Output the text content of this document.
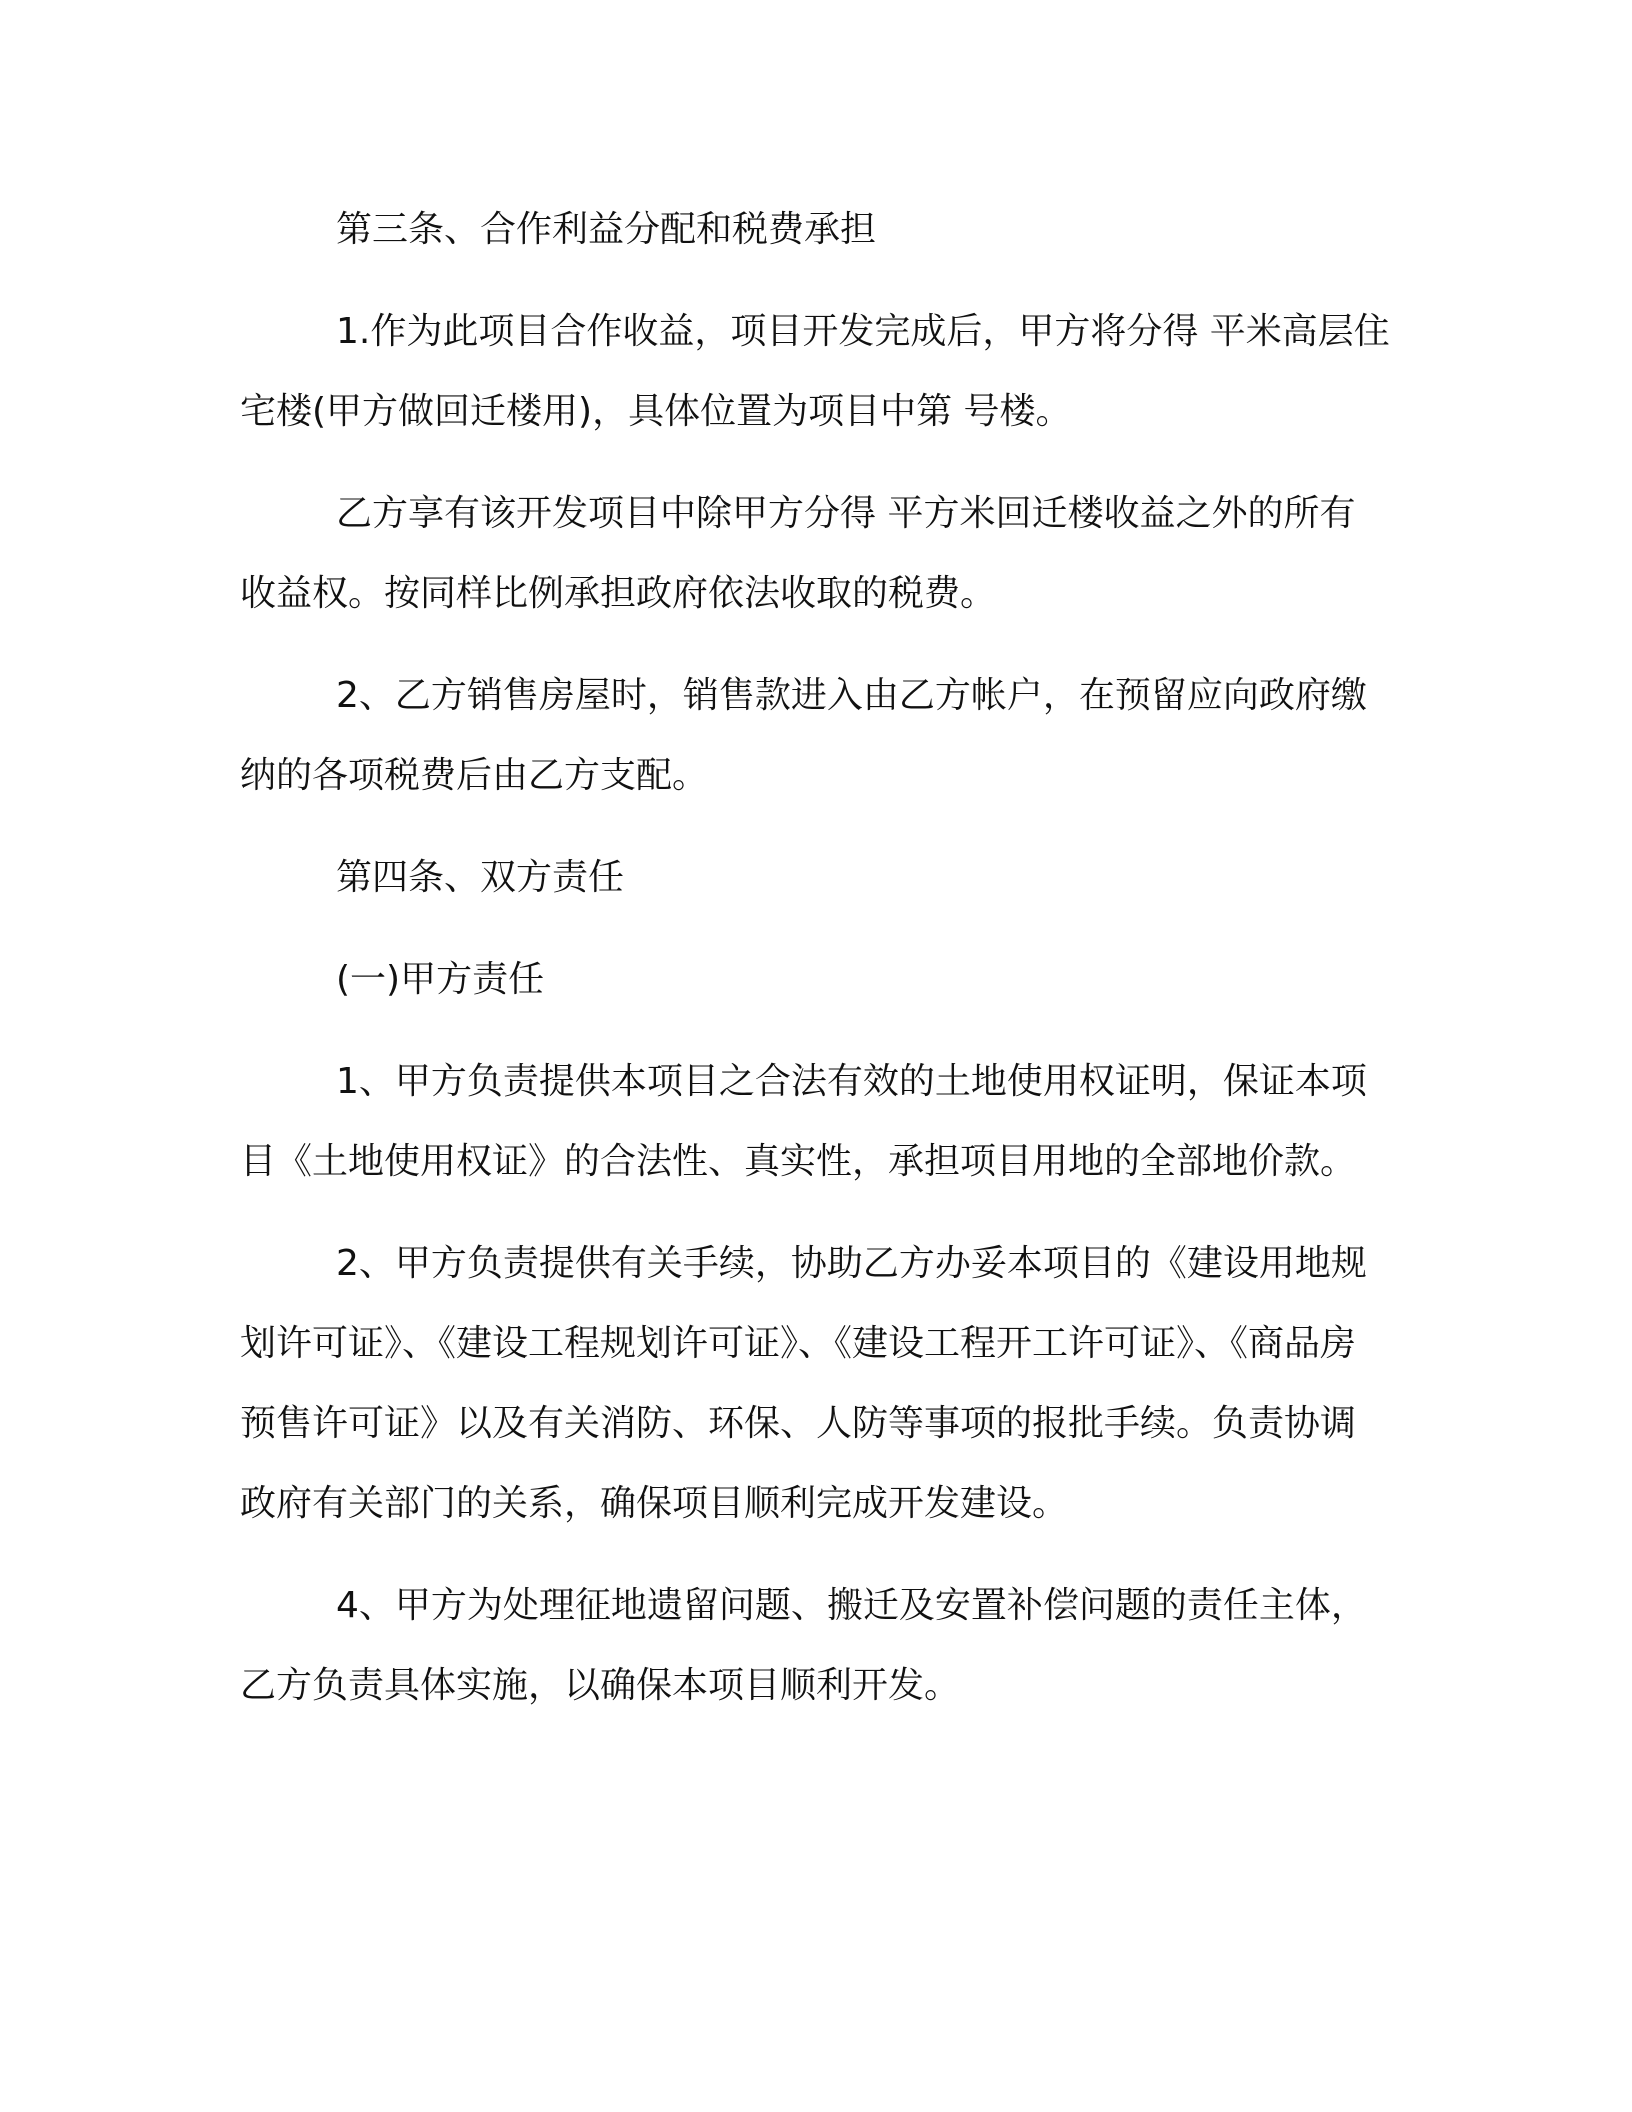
第三条、合作利益分配和税费承担

1.作为此项目合作收益，项目开发完成后，甲方将分得 平米高层住宅楼(甲方做回迁楼用)，具体位置为项目中第 号楼。

乙方享有该开发项目中除甲方分得 平方米回迁楼收益之外的所有收益权。按同样比例承担政府依法收取的税费。

2、乙方销售房屋时，销售款进入由乙方帐户，在预留应向政府缴纳的各项税费后由乙方支配。

第四条、双方责任

(一)甲方责任

1、甲方负责提供本项目之合法有效的土地使用权证明，保证本项目《土地使用权证》的合法性、真实性，承担项目用地的全部地价款。

2、甲方负责提供有关手续，协助乙方办妥本项目的《建设用地规划许可证》、《建设工程规划许可证》、《建设工程开工许可证》、《商品房预售许可证》以及有关消防、环保、人防等事项的报批手续。负责协调政府有关部门的关系，确保项目顺利完成开发建设。

4、甲方为处理征地遗留问题、搬迁及安置补偿问题的责任主体，乙方负责具体实施，以确保本项目顺利开发。
